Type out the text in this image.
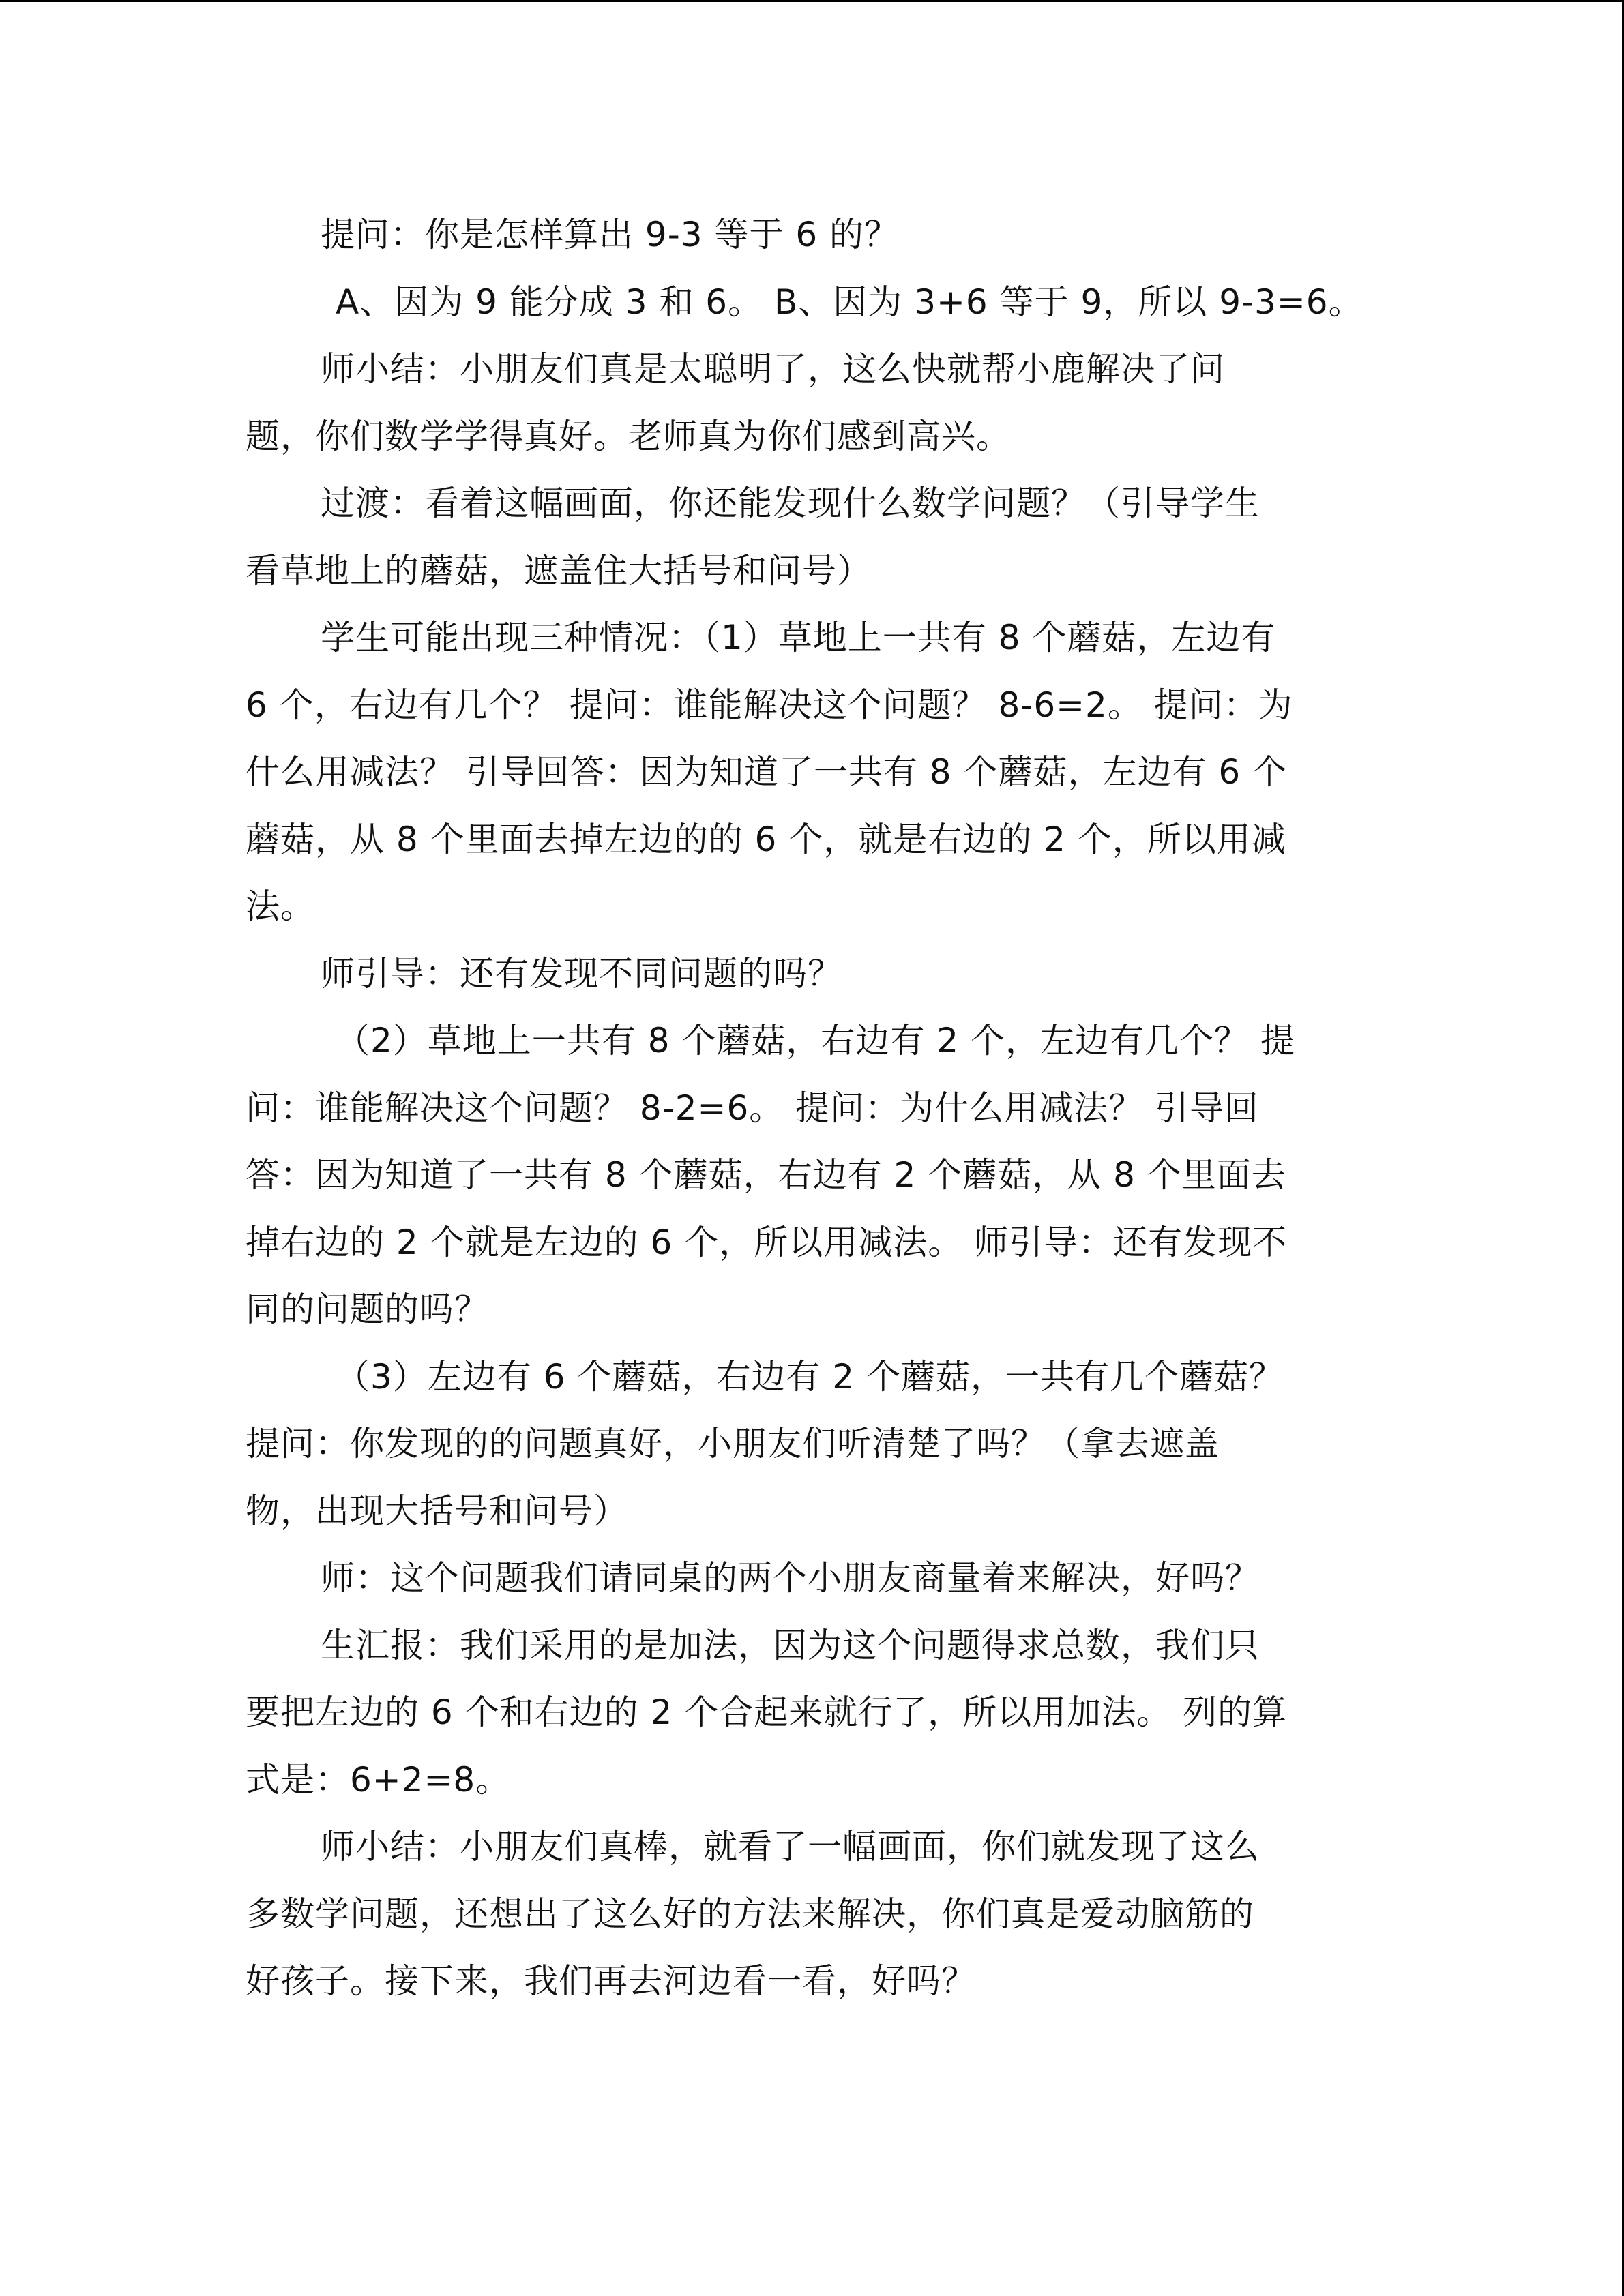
提问：你是怎样算出 9-3 等于 6 的？

A、因为 9 能分成 3 和 6。 B、因为 3+6 等于 9，所以 9-3=6。

师小结：小朋友们真是太聪明了，这么快就帮小鹿解决了问
题，你们数学学得真好。老师真为你们感到高兴。

过渡：看着这幅画面，你还能发现什么数学问题？（引导学生
看草地上的蘑菇，遮盖住大括号和问号）

学生可能出现三种情况：（1）草地上一共有 8 个蘑菇，左边有
6 个，右边有几个？ 提问：谁能解决这个问题？ 8-6=2。 提问：为
什么用减法？ 引导回答：因为知道了一共有 8 个蘑菇，左边有 6 个
蘑菇，从 8 个里面去掉左边的的 6 个，就是右边的 2 个，所以用减
法。

师引导：还有发现不同问题的吗？

（2）草地上一共有 8 个蘑菇，右边有 2 个，左边有几个？ 提
问：谁能解决这个问题？ 8-2=6。 提问：为什么用减法？ 引导回
答：因为知道了一共有 8 个蘑菇，右边有 2 个蘑菇，从 8 个里面去
掉右边的 2 个就是左边的 6 个，所以用减法。 师引导：还有发现不
同的问题的吗？

（3）左边有 6 个蘑菇，右边有 2 个蘑菇，一共有几个蘑菇？
提问：你发现的的问题真好，小朋友们听清楚了吗？（拿去遮盖
物，出现大括号和问号）

师：这个问题我们请同桌的两个小朋友商量着来解决，好吗？

生汇报：我们采用的是加法，因为这个问题得求总数，我们只
要把左边的 6 个和右边的 2 个合起来就行了，所以用加法。 列的算
式是：6+2=8。

师小结：小朋友们真棒，就看了一幅画面，你们就发现了这么
多数学问题，还想出了这么好的方法来解决，你们真是爱动脑筋的
好孩子。接下来，我们再去河边看一看，好吗？
